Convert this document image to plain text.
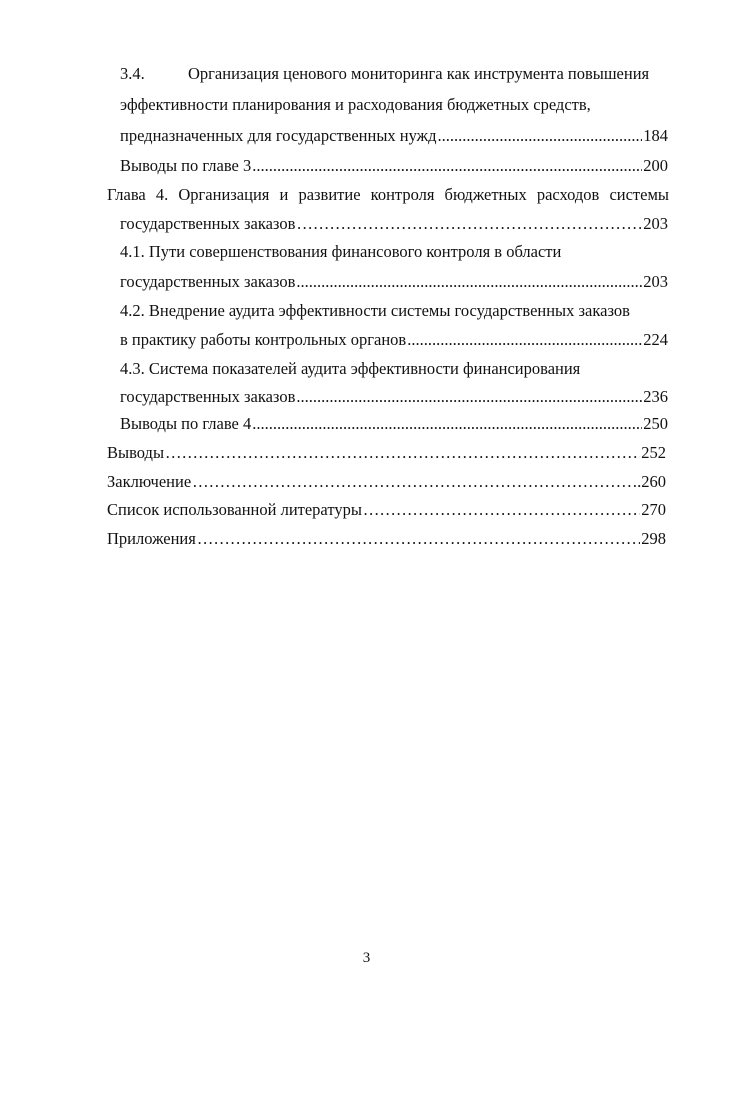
3.4.	Организация ценового мониторинга как инструмента повышения
эффективности планирования и расходования бюджетных средств,
предназначенных для государственных нужд .....	184
Выводы по главе 3 .....	200
Глава 4. Организация и развитие контроля бюджетных расходов системы
государственных заказов …………………………………………………………………………………………………………………………………………………………………………	203
4.1. Пути совершенствования финансового контроля в области
государственных заказов .....	203
4.2. Внедрение аудита эффективности системы государственных заказов
в практику работы контрольных органов .....	224
4.3. Система показателей аудита эффективности финансирования
государственных заказов .....	236
Выводы по главе 4 .....	250
Выводы …………………………………………………………………………………………………………………………………………………………………………	252
Заключение …………………………………………………………………………………………………………………………………………………………………………	.260
Список использованной литературы …………………………………………………………………………………………………………………………………………………………………………	270
Приложения …………………………………………………………………………………………………………………………………………………………………………	298
3
